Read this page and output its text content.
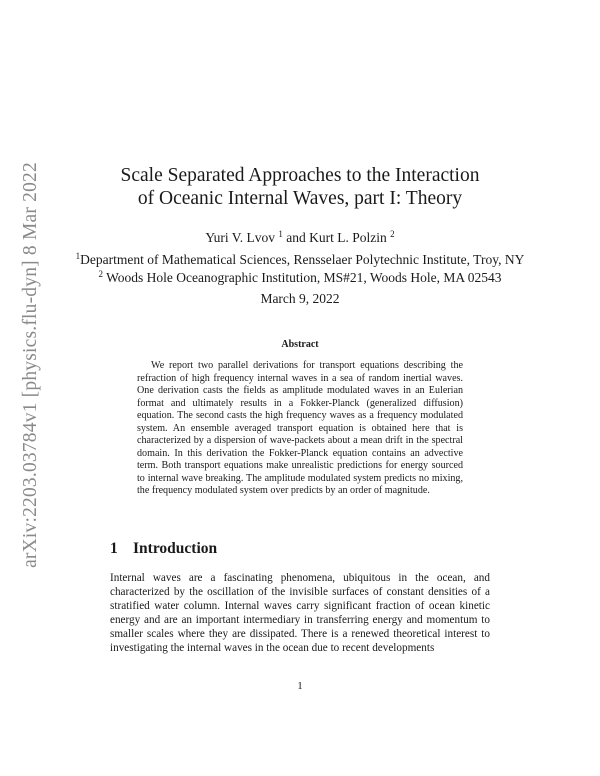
arXiv:2203.03784v1 [physics.flu-dyn] 8 Mar 2022	Scale Separated Approaches to the Interaction
of Oceanic Internal Waves, part I: Theory
Yuri V. Lvov $^1$ and Kurt L. Polzin $^2$
$^1$Department of Mathematical Sciences, Rensselaer Polytechnic Institute, Troy, NY
$^2$ Woods Hole Oceanographic Institution, MS#21, Woods Hole, MA 02543
March 9, 2022
Abstract

We report two parallel derivations for transport equations describing the refraction of high frequency internal waves in a sea of random inertial waves. One derivation casts the fields as amplitude modulated waves in an Eulerian format and ultimately results in a Fokker-Planck (generalized diffusion) equation. The second casts the high frequency waves as a frequency modulated system. An ensemble averaged transport equation is obtained here that is characterized by a dispersion of wave-packets about a mean drift in the spectral domain. In this derivation the Fokker-Planck equation contains an advective term. Both transport equations make unrealistic predictions for energy sourced to internal wave breaking. The amplitude modulated system predicts no mixing, the frequency modulated system over predicts by an order of magnitude.

1 Introduction

Internal waves are a fascinating phenomena, ubiquitous in the ocean, and characterized by the oscillation of the invisible surfaces of constant densities of a stratified water column. Internal waves carry significant fraction of ocean kinetic energy and are an important intermediary in transferring energy and momentum to smaller scales where they are dissipated. There is a renewed theoretical interest to investigating the internal waves in the ocean due to recent developments

1
